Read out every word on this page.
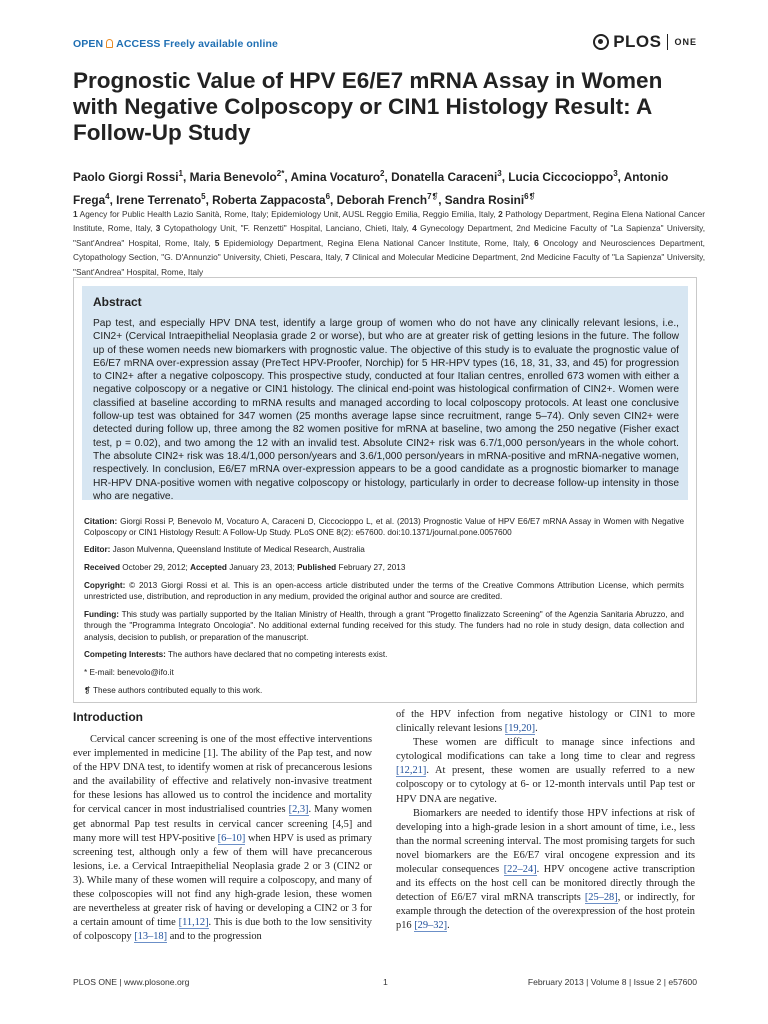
OPEN ACCESS Freely available online	PLOS ONE
Prognostic Value of HPV E6/E7 mRNA Assay in Women with Negative Colposcopy or CIN1 Histology Result: A Follow-Up Study

Paolo Giorgi Rossi$^1$, Maria Benevolo$^{2*}$, Amina Vocaturo$^2$, Donatella Caraceni$^3$, Lucia Ciccocioppo$^3$, Antonio Frega$^4$, Irene Terrenato$^5$, Roberta Zappacosta$^6$, Deborah French$^{7❡}$, Sandra Rosini$^{6❡}$

1 Agency for Public Health Lazio Sanità, Rome, Italy; Epidemiology Unit, AUSL Reggio Emilia, Reggio Emilia, Italy, 2 Pathology Department, Regina Elena National Cancer Institute, Rome, Italy, 3 Cytopathology Unit, "F. Renzetti" Hospital, Lanciano, Chieti, Italy, 4 Gynecology Department, 2nd Medicine Faculty of "La Sapienza" University, "Sant'Andrea" Hospital, Rome, Italy, 5 Epidemiology Department, Regina Elena National Cancer Institute, Rome, Italy, 6 Oncology and Neurosciences Department, Cytopathology Section, "G. D'Annunzio" University, Chieti, Pescara, Italy, 7 Clinical and Molecular Medicine Department, 2nd Medicine Faculty of "La Sapienza" University, "Sant'Andrea" Hospital, Rome, Italy

Abstract

Pap test, and especially HPV DNA test, identify a large group of women who do not have any clinically relevant lesions, i.e., CIN2+ (Cervical Intraepithelial Neoplasia grade 2 or worse), but who are at greater risk of getting lesions in the future. The follow up of these women needs new biomarkers with prognostic value. The objective of this study is to evaluate the prognostic value of E6/E7 mRNA over-expression assay (PreTect HPV-Proofer, Norchip) for 5 HR-HPV types (16, 18, 31, 33, and 45) for progression to CIN2+ after a negative colposcopy. This prospective study, conducted at four Italian centres, enrolled 673 women with either a negative colposcopy or a negative or CIN1 histology. The clinical end-point was histological confirmation of CIN2+. Women were classified at baseline according to mRNA results and managed according to local colposcopy protocols. At least one conclusive follow-up test was obtained for 347 women (25 months average lapse since recruitment, range 5–74). Only seven CIN2+ were detected during follow up, three among the 82 women positive for mRNA at baseline, two among the 250 negative (Fisher exact test, p = 0.02), and two among the 12 with an invalid test. Absolute CIN2+ risk was 6.7/1,000 person/years in the whole cohort. The absolute CIN2+ risk was 18.4/1,000 person/years and 3.6/1,000 person/years in mRNA-positive and mRNA-negative women, respectively. In conclusion, E6/E7 mRNA over-expression appears to be a good candidate as a prognostic biomarker to manage HR-HPV DNA-positive women with negative colposcopy or histology, particularly in order to decrease follow-up intensity in those who are negative.

Citation: Giorgi Rossi P, Benevolo M, Vocaturo A, Caraceni D, Ciccocioppo L, et al. (2013) Prognostic Value of HPV E6/E7 mRNA Assay in Women with Negative Colposcopy or CIN1 Histology Result: A Follow-Up Study. PLoS ONE 8(2): e57600. doi:10.1371/journal.pone.0057600

Editor: Jason Mulvenna, Queensland Institute of Medical Research, Australia

Received October 29, 2012; Accepted January 23, 2013; Published February 27, 2013

Copyright: © 2013 Giorgi Rossi et al. This is an open-access article distributed under the terms of the Creative Commons Attribution License, which permits unrestricted use, distribution, and reproduction in any medium, provided the original author and source are credited.

Funding: This study was partially supported by the Italian Ministry of Health, through a grant "Progetto finalizzato Screening" of the Agenzia Sanitaria Abruzzo, and through the "Programma Integrato Oncologia". No additional external funding received for this study. The funders had no role in study design, data collection and analysis, decision to publish, or preparation of the manuscript.

Competing Interests: The authors have declared that no competing interests exist.

* E-mail: benevolo@ifo.it

❡ These authors contributed equally to this work.

Introduction

Cervical cancer screening is one of the most effective interventions ever implemented in medicine [1]. The ability of the Pap test, and now of the HPV DNA test, to identify women at risk of precancerous lesions and the availability of effective and relatively non-invasive treatment for these lesions has allowed us to control the incidence and mortality for cervical cancer in most industrialised countries [2,3]. Many women get abnormal Pap test results in cervical cancer screening [4,5] and many more will test HPV-positive [6–10] when HPV is used as primary screening test, although only a few of them will have precancerous lesions, i.e. a Cervical Intraepithelial Neoplasia grade 2 or 3 (CIN2 or 3). While many of these women will require a colposcopy, and many of these colposcopies will not find any high-grade lesion, these women are nevertheless at greater risk of having or developing a CIN2 or 3 for a certain amount of time [11,12]. This is due both to the low sensitivity of colposcopy [13–18] and to the progression

of the HPV infection from negative histology or CIN1 to more clinically relevant lesions [19,20].

These women are difficult to manage since infections and cytological modifications can take a long time to clear and regress [12,21]. At present, these women are usually referred to a new colposcopy or to cytology at 6- or 12-month intervals until Pap test or HPV DNA are negative.

Biomarkers are needed to identify those HPV infections at risk of developing into a high-grade lesion in a short amount of time, i.e., less than the normal screening interval. The most promising targets for such novel biomarkers are the E6/E7 viral oncogene expression and its molecular consequences [22–24]. HPV oncogene active transcription and its effects on the host cell can be monitored directly through the detection of E6/E7 viral mRNA transcripts [25–28], or indirectly, for example through the detection of the overexpression of the host protein p16 [29–32].

PLOS ONE | www.plosone.org	1	February 2013 | Volume 8 | Issue 2 | e57600
